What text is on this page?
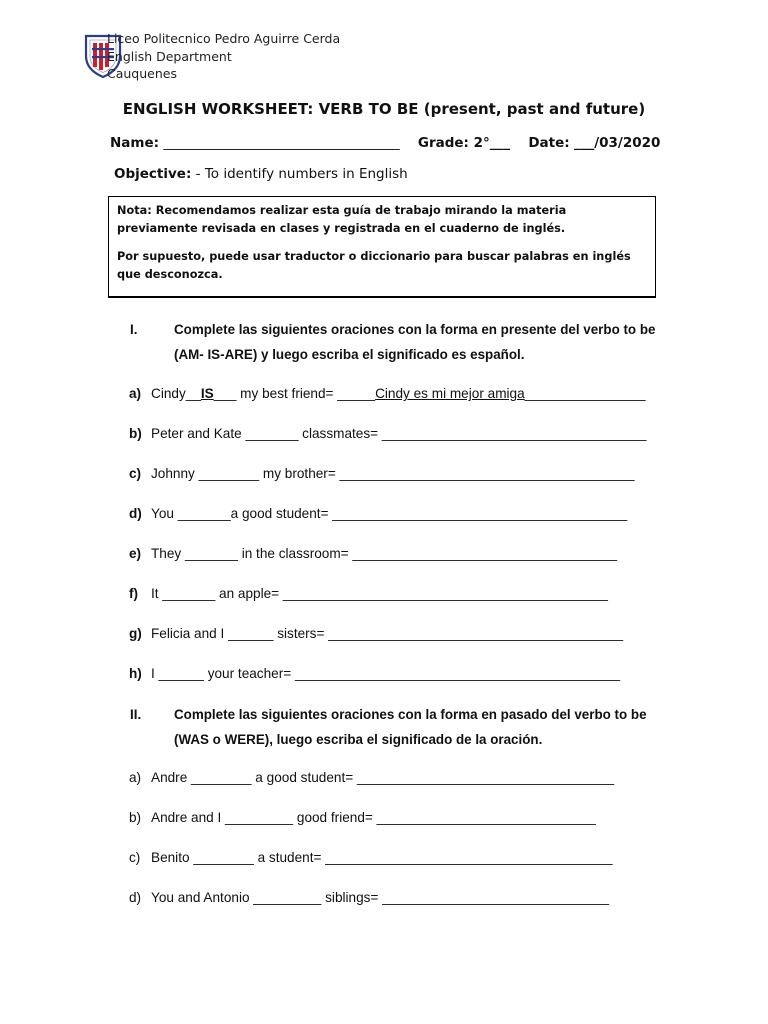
Liceo Politecnico Pedro Aguirre Cerda
English Department
Cauquenes
ENGLISH WORKSHEET: VERB TO BE (present, past and future)
Name: ___________________________________ Grade: 2°___ Date: ___/03/2020
Objective: - To identify numbers in English

Nota: Recomendamos realizar esta guía de trabajo mirando la materia previamente revisada en clases y registrada en el cuaderno de inglés.

Por supuesto, puede usar traductor o diccionario para buscar palabras en inglés que desconozca.

I.	Complete las siguientes oraciones con la forma en presente del verbo to be (AM- IS-ARE) y luego escriba el significado es español.
a) Cindy__IS___ my best friend= _____Cindy es mi mejor amiga________________
b) Peter and Kate _______ classmates= ___________________________________
c) Johnny ________ my brother= _______________________________________
d) You _______a good student= _______________________________________
e) They _______ in the classroom= ___________________________________
f) It _______ an apple= ___________________________________________
g) Felicia and I ______ sisters= _______________________________________
h) I ______ your teacher= ___________________________________________
II. Complete las siguientes oraciones con la forma en pasado del verbo to be (WAS o WERE), luego escriba el significado de la oración.
a) Andre ________ a good student= __________________________________
b) Andre and I _________ good friend= _____________________________
c) Benito ________ a student= ______________________________________
d) You and Antonio _________ siblings= ______________________________
